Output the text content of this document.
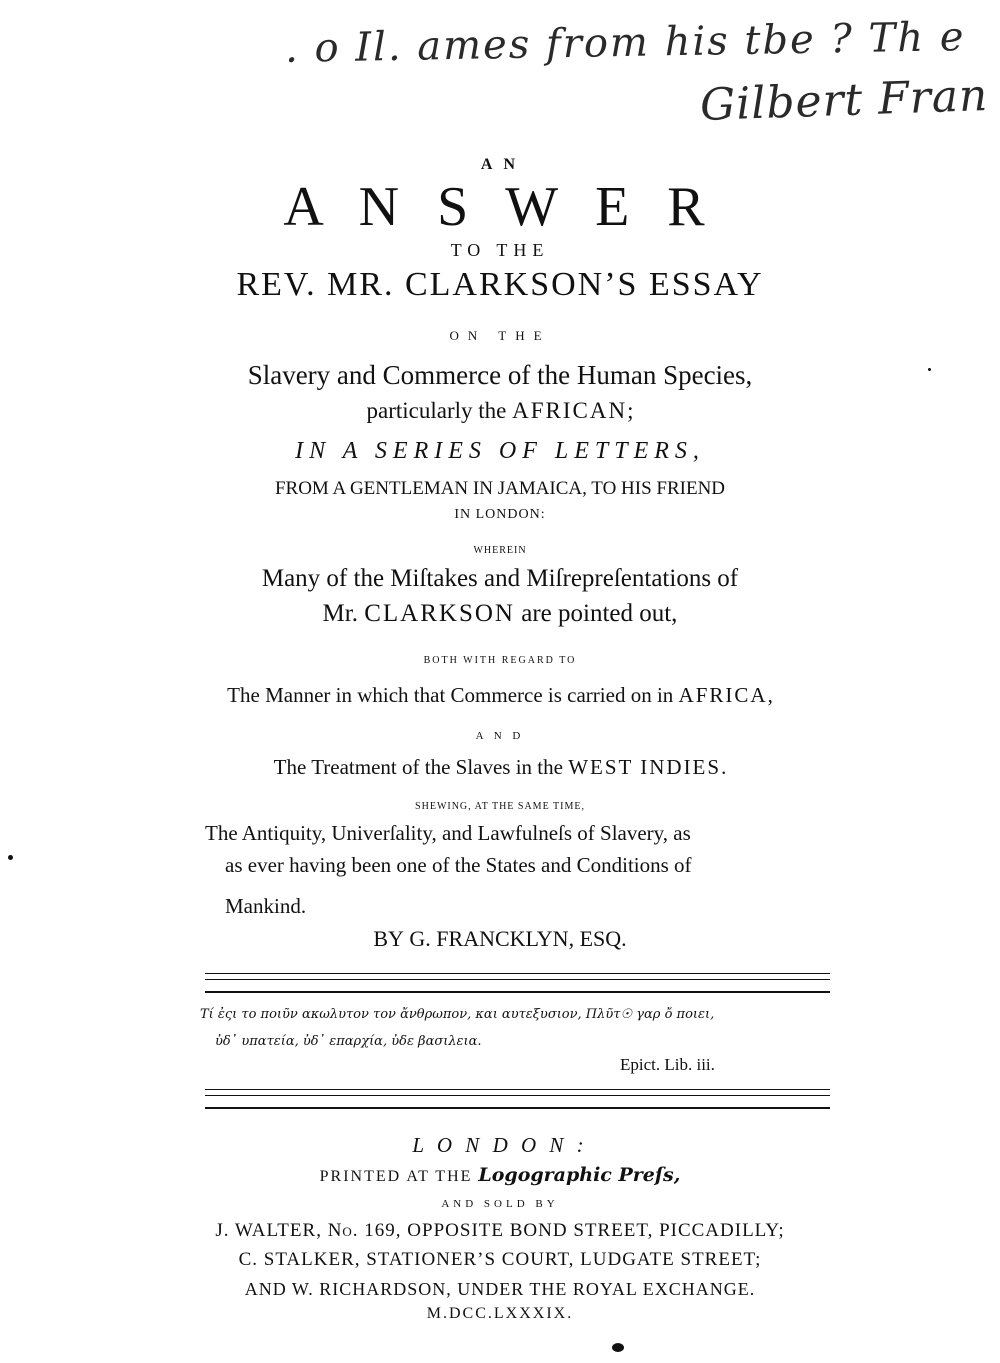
. o Il. ames from his tbe ? Th e
Gilbert Fran
A N
A N S W E R
TO THE
REV. MR. CLARKSON’S ESSAY
ON THE
Slavery and Commerce of the Human Species,
particularly the AFRICAN;
IN A SERIES OF LETTERS,
FROM A GENTLEMAN IN JAMAICA, TO HIS FRIEND
IN LONDON:
WHEREIN
Many of the Miſtakes and Miſrepreſentations of
Mr. CLARKSON are pointed out,
BOTH WITH REGARD TO
The Manner in which that Commerce is carried on in AFRICA,
A N D
The Treatment of the Slaves in the WEST INDIES.
SHEWING, AT THE SAME TIME,
The Antiquity, Univerſality, and Lawfulneſs of Slavery, as
as ever having been one of the States and Conditions of
Mankind.
BY G. FRANCKLYN, ESQ.
Τί ἐςι το ποιῦν ακωλυτον τον ἄνθρωπον, και αυτεξυσιον, Πλῦτ☉ γαρ ὄ ποιει,
ὐδ᾽ υπατεία, ὐδ᾽ επαρχία, ὐδε βασιλεια.
Epict. Lib. iii.
L O N D O N :
PRINTED AT THE Logographic Preſs,
AND SOLD BY
J. WALTER, No. 169, OPPOSITE BOND STREET, PICCADILLY;
C. STALKER, STATIONER’S COURT, LUDGATE STREET;
AND W. RICHARDSON, UNDER THE ROYAL EXCHANGE.
M.DCC.LXXXIX.
